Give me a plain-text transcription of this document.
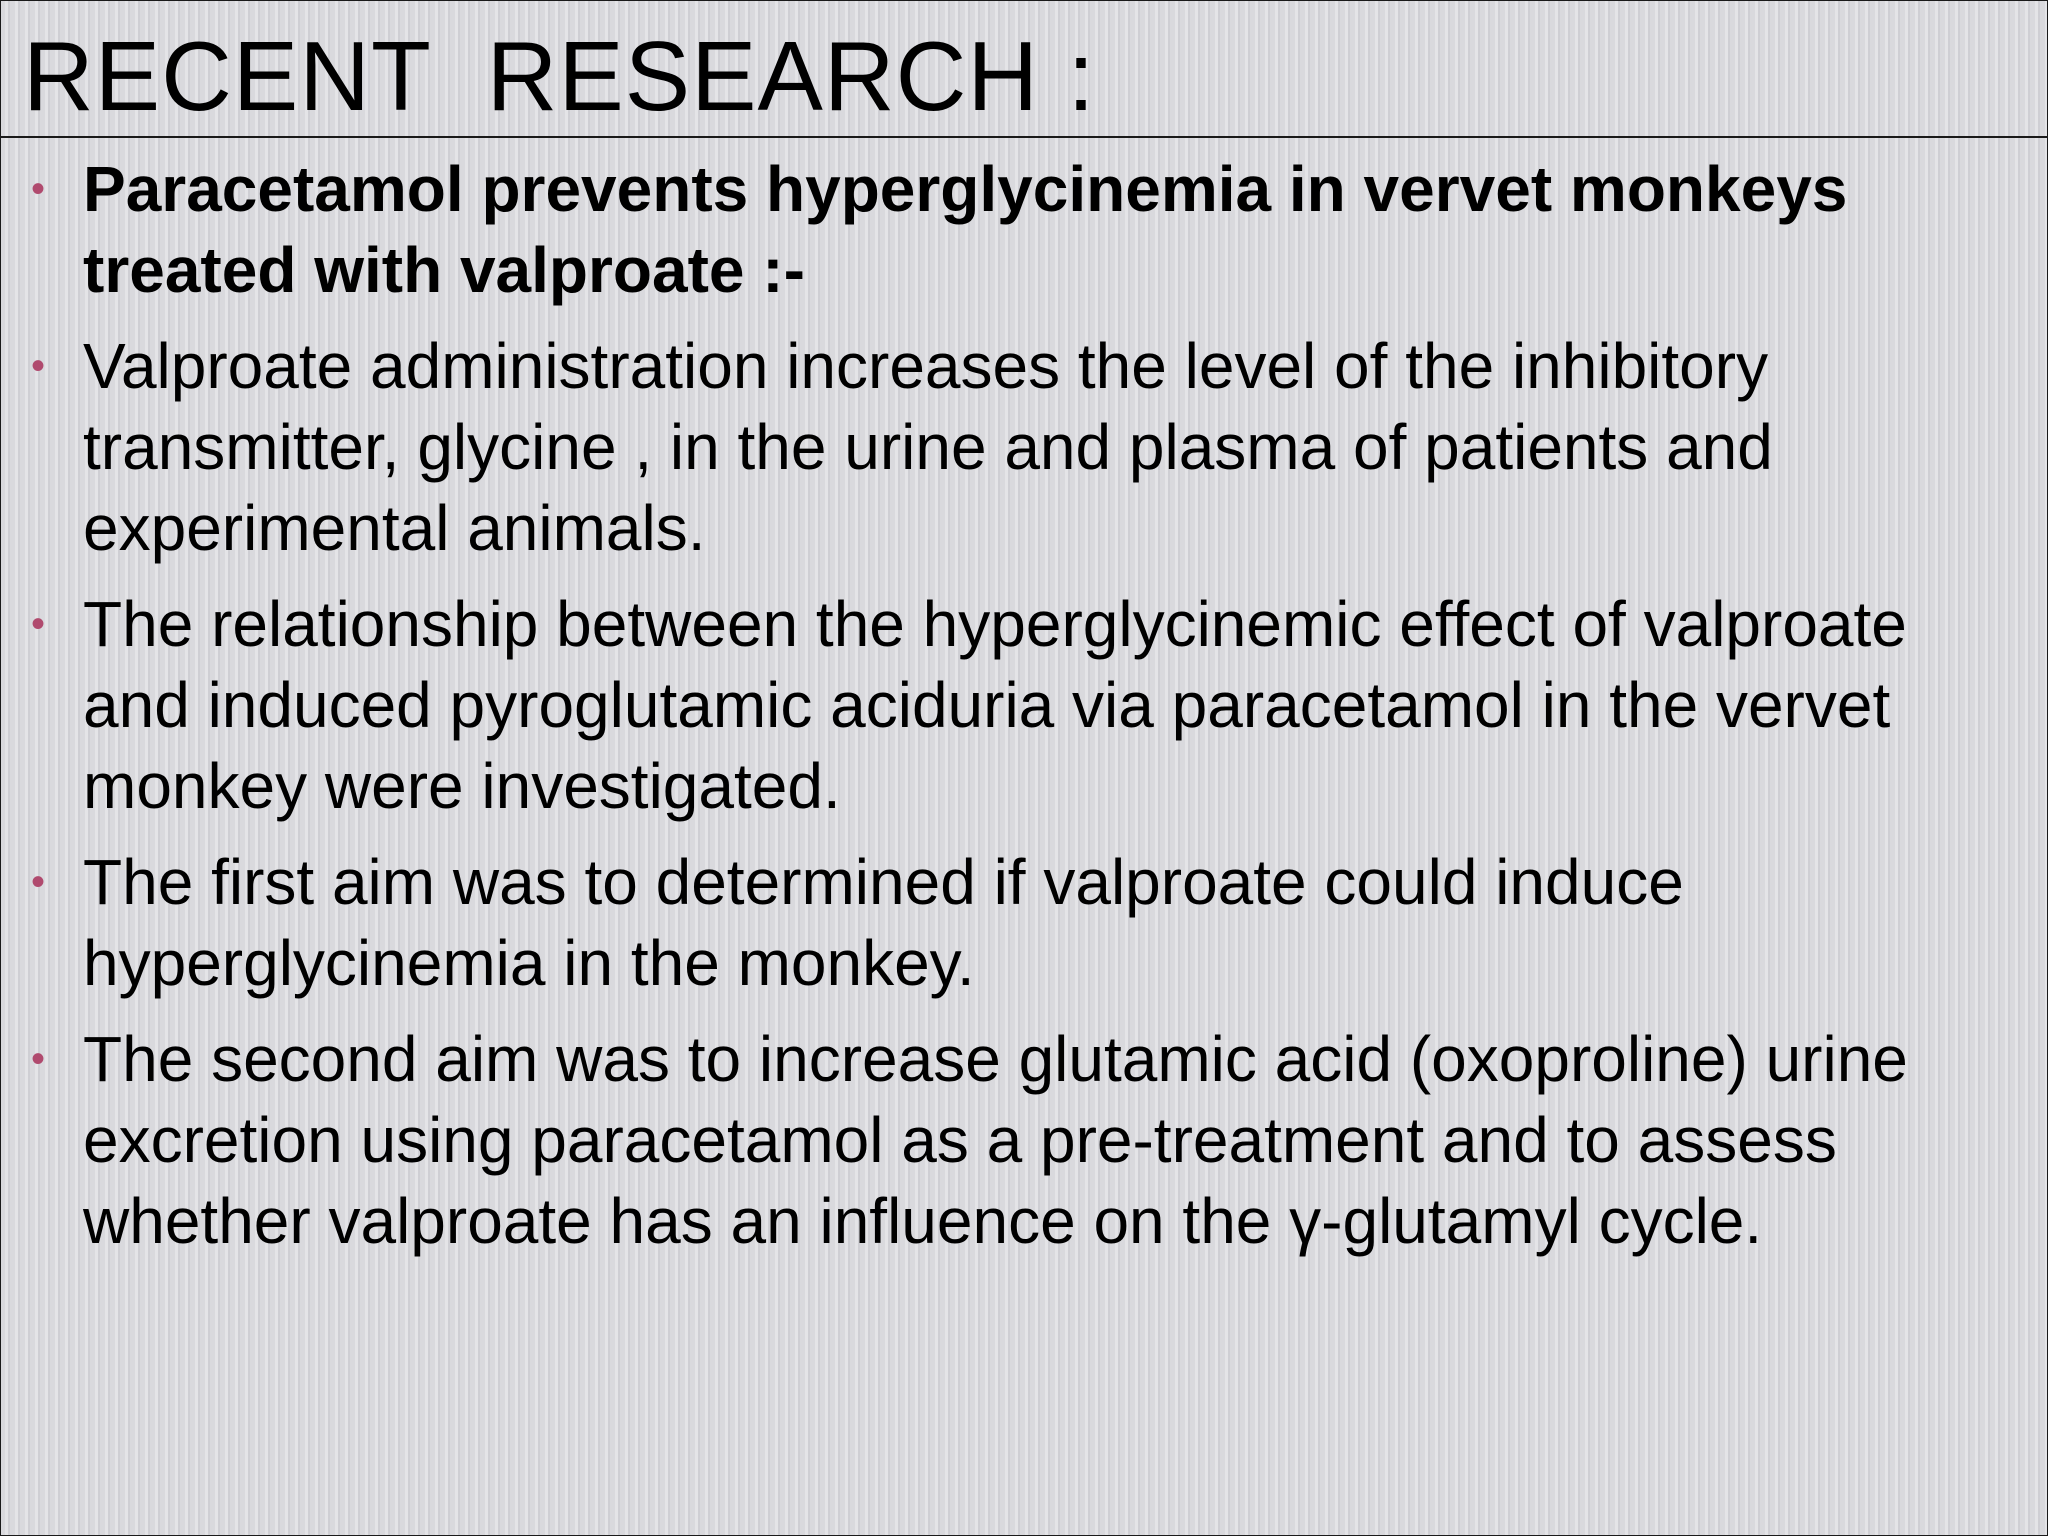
RECENT  RESEARCH :
• Paracetamol prevents hyperglycinemia in vervet monkeys treated with valproate :-
• Valproate administration increases the level of the inhibitory transmitter, glycine , in the urine and plasma of patients and experimental animals.
• The relationship between the hyperglycinemic effect of valproate and induced pyroglutamic aciduria via paracetamol in the vervet monkey were investigated.
• The first aim was to determined if valproate could induce hyperglycinemia in the monkey.
• The second aim was to increase glutamic acid (oxoproline) urine excretion using paracetamol as a pre-treatment and to assess whether valproate has an influence on the γ-glutamyl cycle.
